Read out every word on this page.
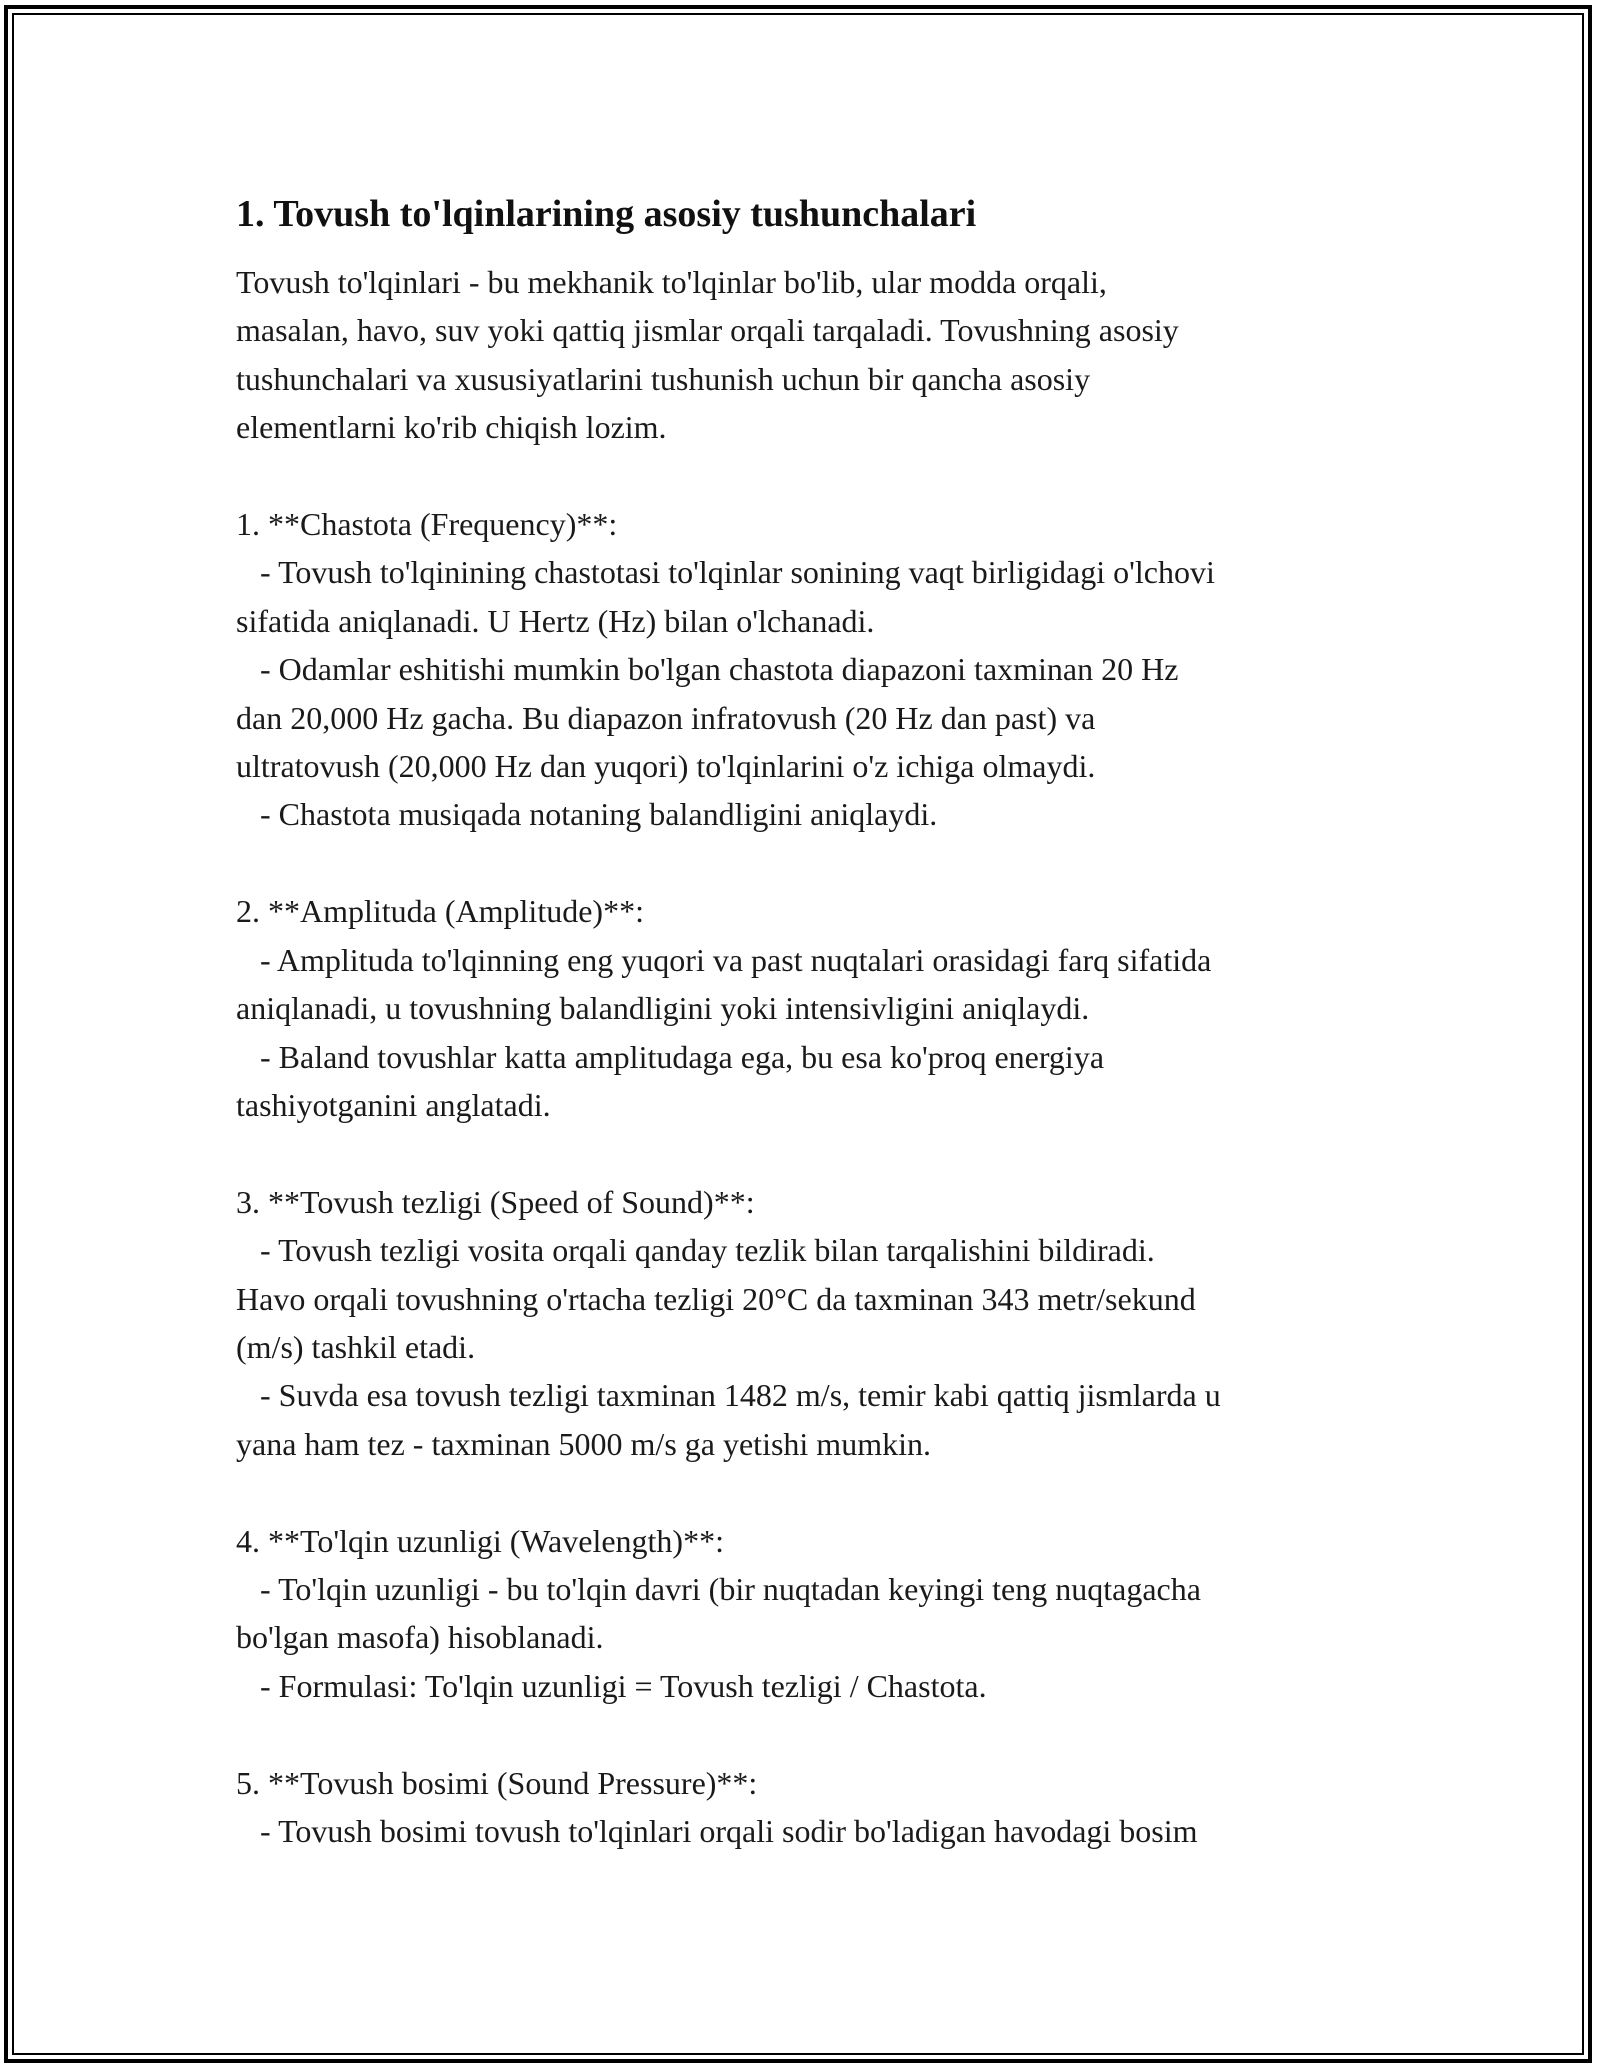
1. Tovush to'lqinlarining asosiy tushunchalari

Tovush to'lqinlari - bu mekhanik to'lqinlar bo'lib, ular modda orqali,
masalan, havo, suv yoki qattiq jismlar orqali tarqaladi. Tovushning asosiy
tushunchalari va xususiyatlarini tushunish uchun bir qancha asosiy
elementlarni ko'rib chiqish lozim.

1. **Chastota (Frequency)**:
- Tovush to'lqinining chastotasi to'lqinlar sonining vaqt birligidagi o'lchovi
sifatida aniqlanadi. U Hertz (Hz) bilan o'lchanadi.
- Odamlar eshitishi mumkin bo'lgan chastota diapazoni taxminan 20 Hz
dan 20,000 Hz gacha. Bu diapazon infratovush (20 Hz dan past) va
ultratovush (20,000 Hz dan yuqori) to'lqinlarini o'z ichiga olmaydi.
- Chastota musiqada notaning balandligini aniqlaydi.

2. **Amplituda (Amplitude)**:
- Amplituda to'lqinning eng yuqori va past nuqtalari orasidagi farq sifatida
aniqlanadi, u tovushning balandligini yoki intensivligini aniqlaydi.
- Baland tovushlar katta amplitudaga ega, bu esa ko'proq energiya
tashiyotganini anglatadi.

3. **Tovush tezligi (Speed of Sound)**:
- Tovush tezligi vosita orqali qanday tezlik bilan tarqalishini bildiradi.
Havo orqali tovushning o'rtacha tezligi 20°C da taxminan 343 metr/sekund
(m/s) tashkil etadi.
- Suvda esa tovush tezligi taxminan 1482 m/s, temir kabi qattiq jismlarda u
yana ham tez - taxminan 5000 m/s ga yetishi mumkin.

4. **To'lqin uzunligi (Wavelength)**:
- To'lqin uzunligi - bu to'lqin davri (bir nuqtadan keyingi teng nuqtagacha
bo'lgan masofa) hisoblanadi.
- Formulasi: To'lqin uzunligi = Tovush tezligi / Chastota.

5. **Tovush bosimi (Sound Pressure)**:
- Tovush bosimi tovush to'lqinlari orqali sodir bo'ladigan havodagi bosim
